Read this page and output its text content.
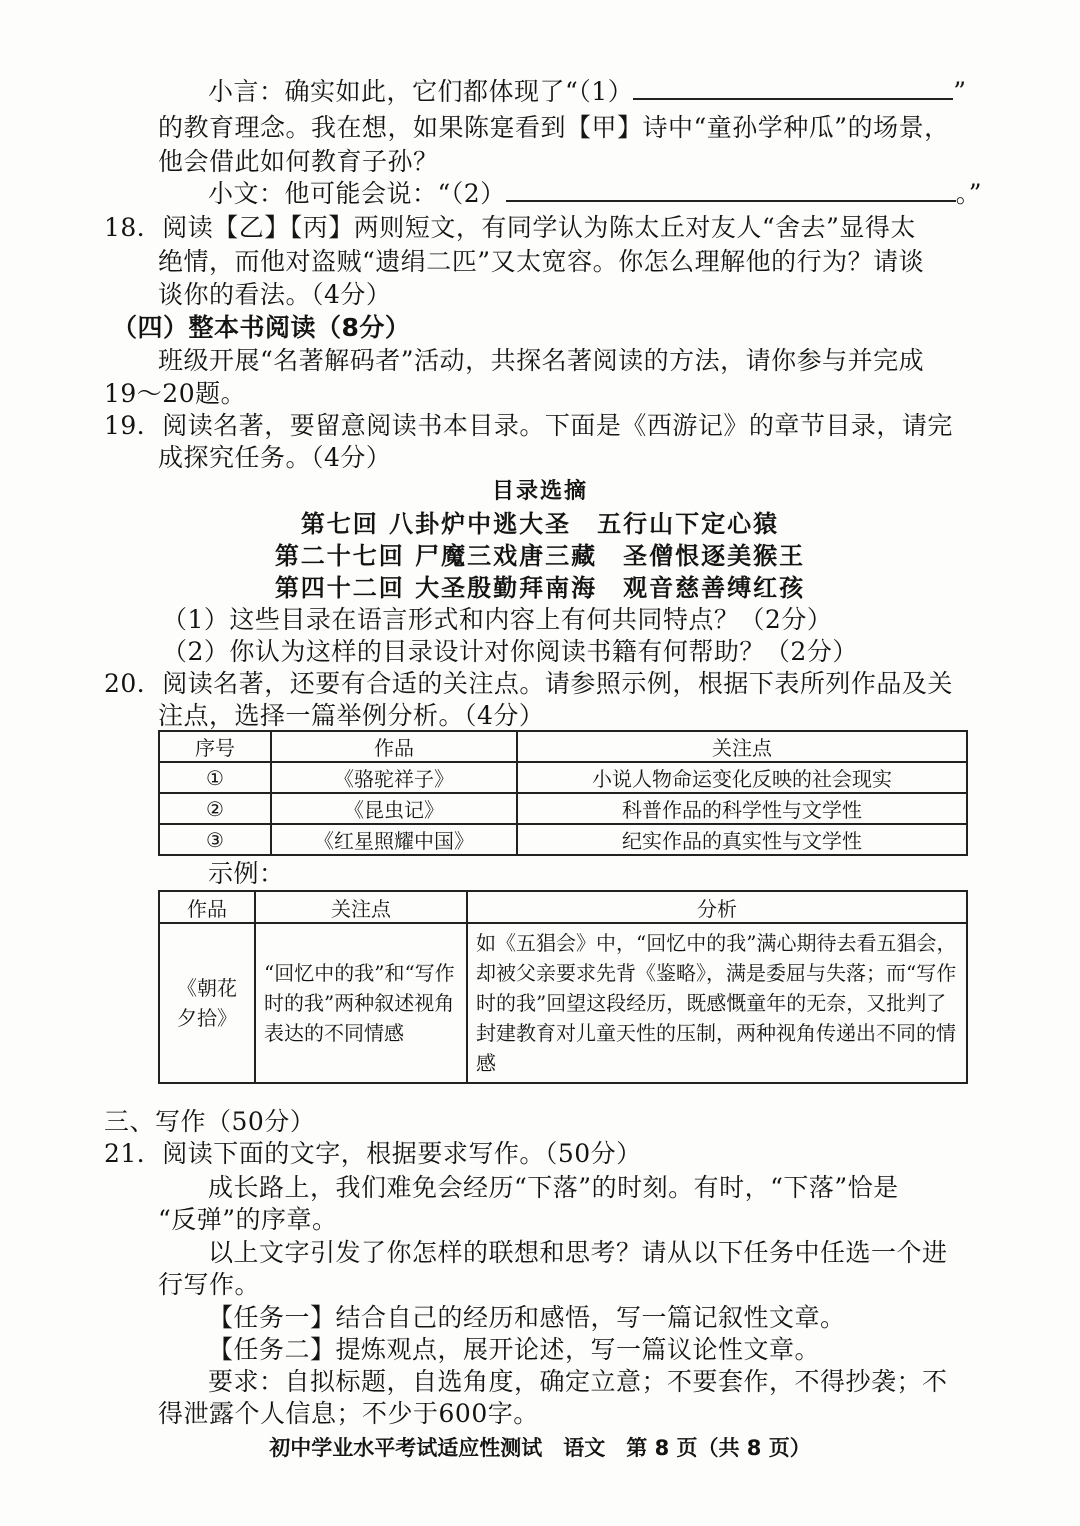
小言：确实如此，它们都体现了“（1）	”
的教育理念。我在想，如果陈寔看到【甲】诗中“童孙学种瓜”的场景，
他会借此如何教育子孙？
小文：他可能会说：“（2）	。”
18．阅读【乙】【丙】两则短文，有同学认为陈太丘对友人“舍去”显得太
绝情，而他对盗贼“遗绢二匹”又太宽容。你怎么理解他的行为？请谈
谈你的看法。（4分）
（四）整本书阅读（8分）
班级开展“名著解码者”活动，共探名著阅读的方法，请你参与并完成
19～20题。
19．阅读名著，要留意阅读书本目录。下面是《西游记》的章节目录，请完
成探究任务。（4分）
目录选摘
第七回 八卦炉中逃大圣　五行山下定心猿
第二十七回 尸魔三戏唐三藏　圣僧恨逐美猴王
第四十二回 大圣殷勤拜南海　观音慈善缚红孩
（1）这些目录在语言形式和内容上有何共同特点？（2分）
（2）你认为这样的目录设计对你阅读书籍有何帮助？（2分）
20．阅读名著，还要有合适的关注点。请参照示例，根据下表所列作品及关
注点，选择一篇举例分析。（4分）
序号	作品	关注点
①	《骆驼祥子》	小说人物命运变化反映的社会现实
②	《昆虫记》	科普作品的科学性与文学性
③	《红星照耀中国》	纪实作品的真实性与文学性
示例：
作品	关注点	分析
《朝花夕拾》	“回忆中的我”和“写作时的我”两种叙述视角表达的不同情感	如《五猖会》中，“回忆中的我”满心期待去看五猖会，却被父亲要求先背《鉴略》，满是委屈与失落；而“写作时的我”回望这段经历，既感慨童年的无奈，又批判了封建教育对儿童天性的压制，两种视角传递出不同的情感
三、写作（50分）
21．阅读下面的文字，根据要求写作。（50分）
成长路上，我们难免会经历“下落”的时刻。有时，“下落”恰是
“反弹”的序章。
以上文字引发了你怎样的联想和思考？请从以下任务中任选一个进
行写作。
【任务一】结合自己的经历和感悟，写一篇记叙性文章。
【任务二】提炼观点，展开论述，写一篇议论性文章。
要求：自拟标题，自选角度，确定立意；不要套作，不得抄袭；不
得泄露个人信息；不少于600字。
初中学业水平考试适应性测试　语文　第 8 页（共 8 页）
